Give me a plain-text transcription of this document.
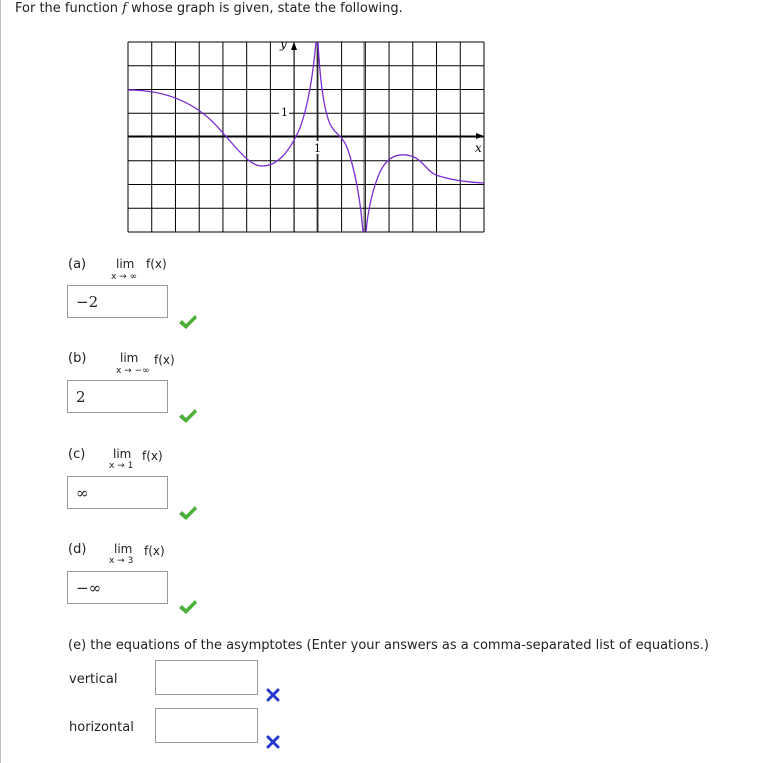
For the function f whose graph is given, state the following.
y
x
1
1
(a) lim
x → ∞
f(x)
−2
(b)	lim
x → −∞
f(x)
2
(c) lim
x → 1
f(x)
∞
(d) lim
x → 3
f(x)
−∞
(e) the equations of the asymptotes (Enter your answers as a comma-separated list of equations.)
vertical
horizontal
